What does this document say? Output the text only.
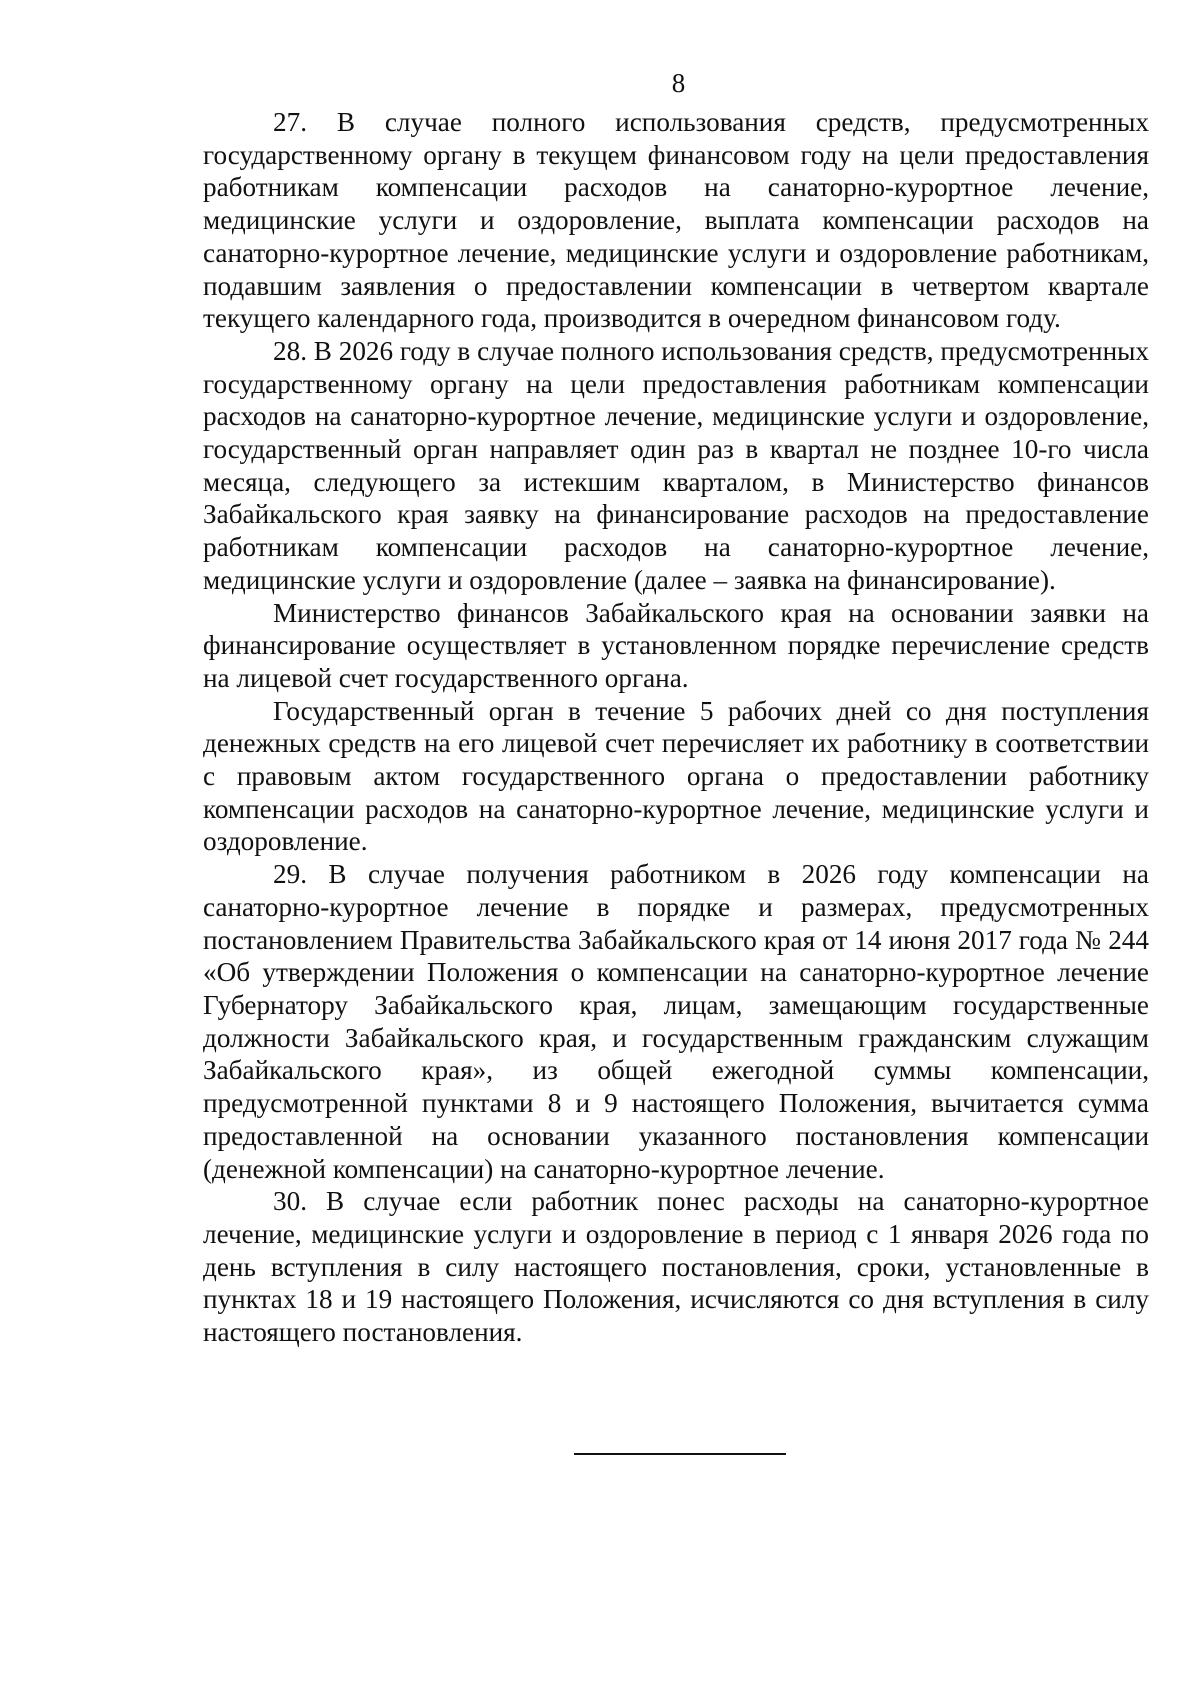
8

27. В случае полного использования средств, предусмотренных государственному органу в текущем финансовом году на цели предоставления работникам компенсации расходов на санаторно-курортное лечение, медицинские услуги и оздоровление, выплата компенсации расходов на санаторно-курортное лечение, медицинские услуги и оздоровление работникам, подавшим заявления о предоставлении компенсации в четвертом квартале текущего календарного года, производится в очередном финансовом году.

28. В 2026 году в случае полного использования средств, предусмотренных государственному органу на цели предоставления работникам компенсации расходов на санаторно-курортное лечение, медицинские услуги и оздоровление, государственный орган направляет один раз в квартал не позднее 10-го числа месяца, следующего за истекшим кварталом, в Министерство финансов Забайкальского края заявку на финансирование расходов на предоставление работникам компенсации расходов на санаторно-курортное лечение, медицинские услуги и оздоровление (далее – заявка на финансирование).

Министерство финансов Забайкальского края на основании заявки на финансирование осуществляет в установленном порядке перечисление средств на лицевой счет государственного органа.

Государственный орган в течение 5 рабочих дней со дня поступления денежных средств на его лицевой счет перечисляет их работнику в соответствии с правовым актом государственного органа о предоставлении работнику компенсации расходов на санаторно-курортное лечение, медицинские услуги и оздоровление.

29. В случае получения работником в 2026 году компенсации на санаторно-курортное лечение в порядке и размерах, предусмотренных постановлением Правительства Забайкальского края от 14 июня 2017 года № 244 «Об утверждении Положения о компенсации на санаторно-курортное лечение Губернатору Забайкальского края, лицам, замещающим государственные должности Забайкальского края, и государственным гражданским служащим Забайкальского края», из общей ежегодной суммы компенсации, предусмотренной пунктами 8 и 9 настоящего Положения, вычитается сумма предоставленной на основании указанного постановления компенсации (денежной компенсации) на санаторно-курортное лечение.

30. В случае если работник понес расходы на санаторно-курортное лечение, медицинские услуги и оздоровление в период с 1 января 2026 года по день вступления в силу настоящего постановления, сроки, установленные в пунктах 18 и 19 настоящего Положения, исчисляются со дня вступления в силу настоящего постановления.
